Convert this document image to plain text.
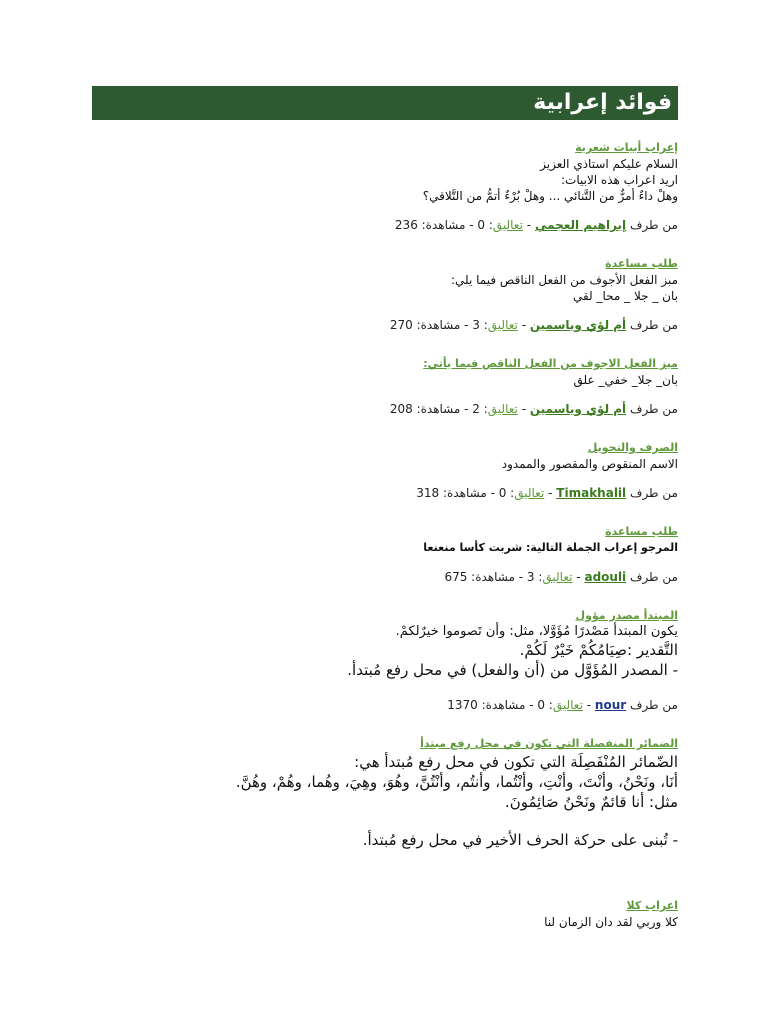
فوائد إعرابية
إعراب أبيات شعرية

السلام عليكم استاذي العزيز

اريد اعراب هذه الابيات:

وهلْ داءٌ أمرٌّ من التَّنائي ... وهلْ بُرْءٌ أتمُّ من التَّلاقي؟

من طرف إبراهيم العجمي - تعاليق: 0 - مشاهدة: 236

طلب مساعدة

مبز الفعل الأجوف من الفعل الناقص فيما يلي:

بان _ جلا _ محا_ لقي

من طرف أم لؤي وياسمين - تعاليق: 3 - مشاهدة: 270

ميز الفعل الاجوف من الفعل الناقص فيما يأتي:

بان_ جلا_ خفي_ علق

من طرف أم لؤي وياسمين - تعاليق: 2 - مشاهدة: 208

الصرف والتحويل

الاسم المنقوص والمقصور والممدود

من طرف Timakhalil - تعاليق: 0 - مشاهدة: 318

طلب مساعدة

المرجو إعراب الجملة التالية: شربت كأسا منعنعا

من طرف adouli - تعاليق: 3 - مشاهدة: 675

المبتدأ مصدر مؤول

يكون المبتدأ مَصْدرًا مُؤَوَّلا، مثل: وأن تَصوموا خيرٌلكمْ.

التَّقدير :صِيَامُكُمْ خَيْرٌ لَكُمْ.

- المصدر المُؤَوَّل من (أن والفعل) في محل رفع مُبتدأ.

من طرف nour - تعاليق: 0 - مشاهدة: 1370

الضمائر المنفصلة التي تكون في محل رفع مبتدأ

الضّمائر المُنْفَصِلَة التي تكون في محل رفع مُبتدأ هي:

أنَا، ونَحْنُ، وأنْتَ، وأنْتِ، وأنْتُما، وأنتُم، وأنْتُنَّ، وهُوَ، وهِيَ، وهُما، وهُمْ، وهُنَّ.

مثل: أنا قائمٌ ونَحْنُ صَائِمُونَ.

- تُبنى على حركة الحرف الأخير في محل رفع مُبتدأ.

اعراب كلا

كلا وربي لقد دان الزمان لنا
